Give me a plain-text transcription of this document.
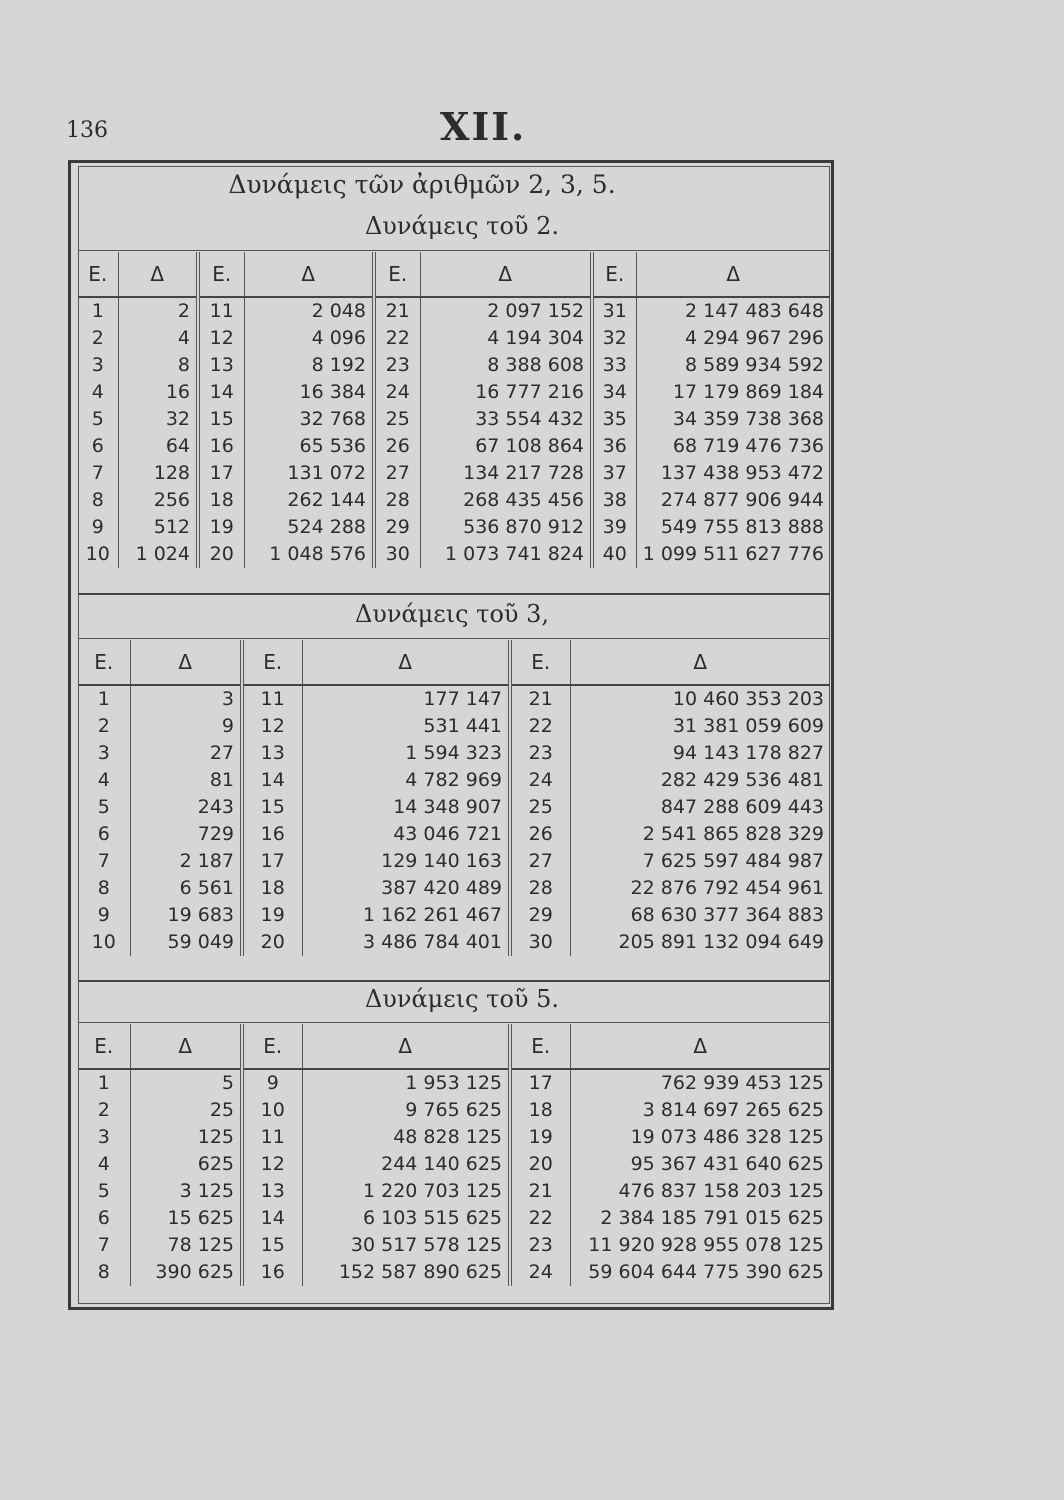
136	XII.
Δυνάμεις τῶν ἀριθμῶν 2, 3, 5.
Δυνάμεις τοῦ 2.
E.	Δ	E.	Δ	E.	Δ	E.	Δ
1	2	11	2 048	21	2 097 152	31	2 147 483 648
2	4	12	4 096	22	4 194 304	32	4 294 967 296
3	8	13	8 192	23	8 388 608	33	8 589 934 592
4	16	14	16 384	24	16 777 216	34	17 179 869 184
5	32	15	32 768	25	33 554 432	35	34 359 738 368
6	64	16	65 536	26	67 108 864	36	68 719 476 736
7	128	17	131 072	27	134 217 728	37	137 438 953 472
8	256	18	262 144	28	268 435 456	38	274 877 906 944
9	512	19	524 288	29	536 870 912	39	549 755 813 888
10	1 024	20	1 048 576	30	1 073 741 824	40	1 099 511 627 776
Δυνάμεις τοῦ 3,
E.	Δ	E.	Δ	E.	Δ
1	3	11	177 147	21	10 460 353 203
2	9	12	531 441	22	31 381 059 609
3	27	13	1 594 323	23	94 143 178 827
4	81	14	4 782 969	24	282 429 536 481
5	243	15	14 348 907	25	847 288 609 443
6	729	16	43 046 721	26	2 541 865 828 329
7	2 187	17	129 140 163	27	7 625 597 484 987
8	6 561	18	387 420 489	28	22 876 792 454 961
9	19 683	19	1 162 261 467	29	68 630 377 364 883
10	59 049	20	3 486 784 401	30	205 891 132 094 649
Δυνάμεις τοῦ 5.
E.	Δ	E.	Δ	E.	Δ
1	5	9	1 953 125	17	762 939 453 125
2	25	10	9 765 625	18	3 814 697 265 625
3	125	11	48 828 125	19	19 073 486 328 125
4	625	12	244 140 625	20	95 367 431 640 625
5	3 125	13	1 220 703 125	21	476 837 158 203 125
6	15 625	14	6 103 515 625	22	2 384 185 791 015 625
7	78 125	15	30 517 578 125	23	11 920 928 955 078 125
8	390 625	16	152 587 890 625	24	59 604 644 775 390 625
